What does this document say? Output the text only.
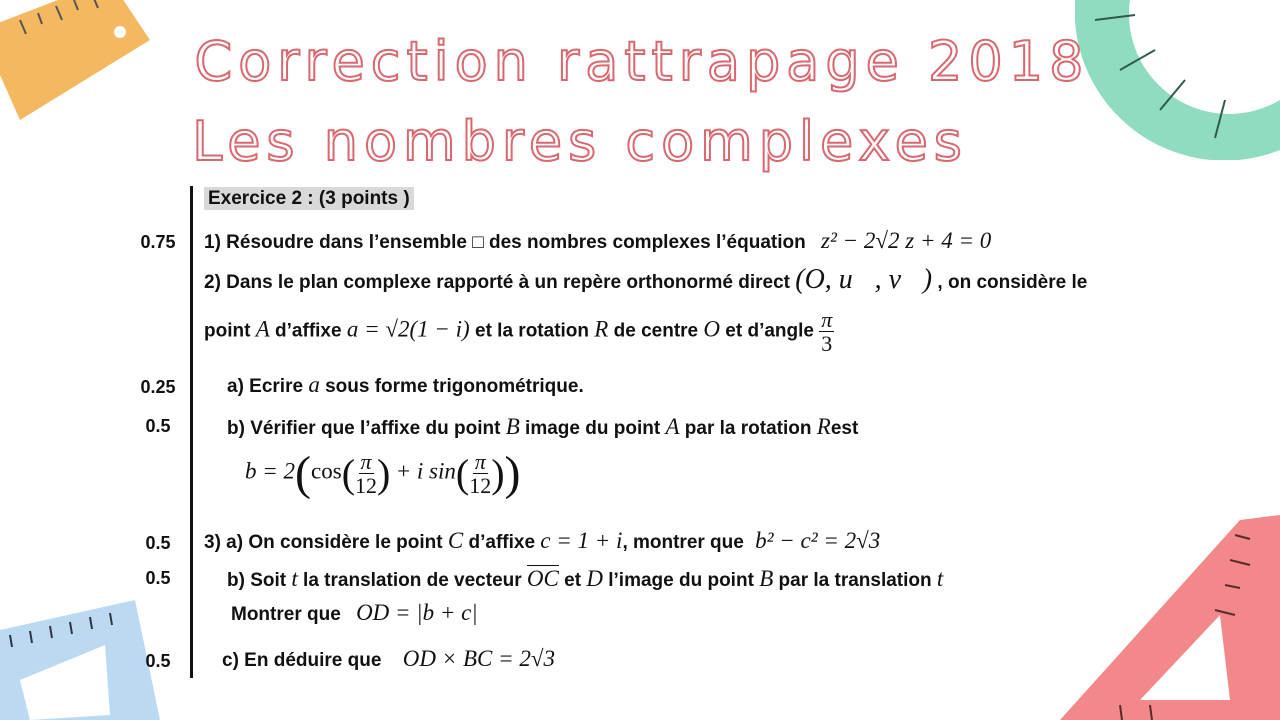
Correction rattrapage 2018
Les nombres complexes
0.75
0.25
0.5
0.5
0.5
0.5
Exercice 2 : (3 points )
1) Résoudre dans l’ensemble □ des nombres complexes l’équation z² − 2√2 z + 4 = 0
2) Dans le plan complexe rapporté à un repère orthonormé direct (O, u⃗, v⃗) , on considère le
point A d’affixe a = √2(1 − i) et la rotation R de centre O et d’angle $\frac{\pi}{3}$
a) Ecrire a sous forme trigonométrique.
b) Vérifier que l’affixe du point B image du point A par la rotation Rest
$b = 2(\cos( \frac{\pi}{12}$ ) + i $\sin( \frac{\pi}{12}$ ))
3) a) On considère le point C d’affixe c = 1 + i, montrer que b² − c² = 2√3
b) Soit t la translation de vecteur OC et D l’image du point B par la translation t
Montrer que OD = |b + c|
c) En déduire que OD × BC = 2√3
